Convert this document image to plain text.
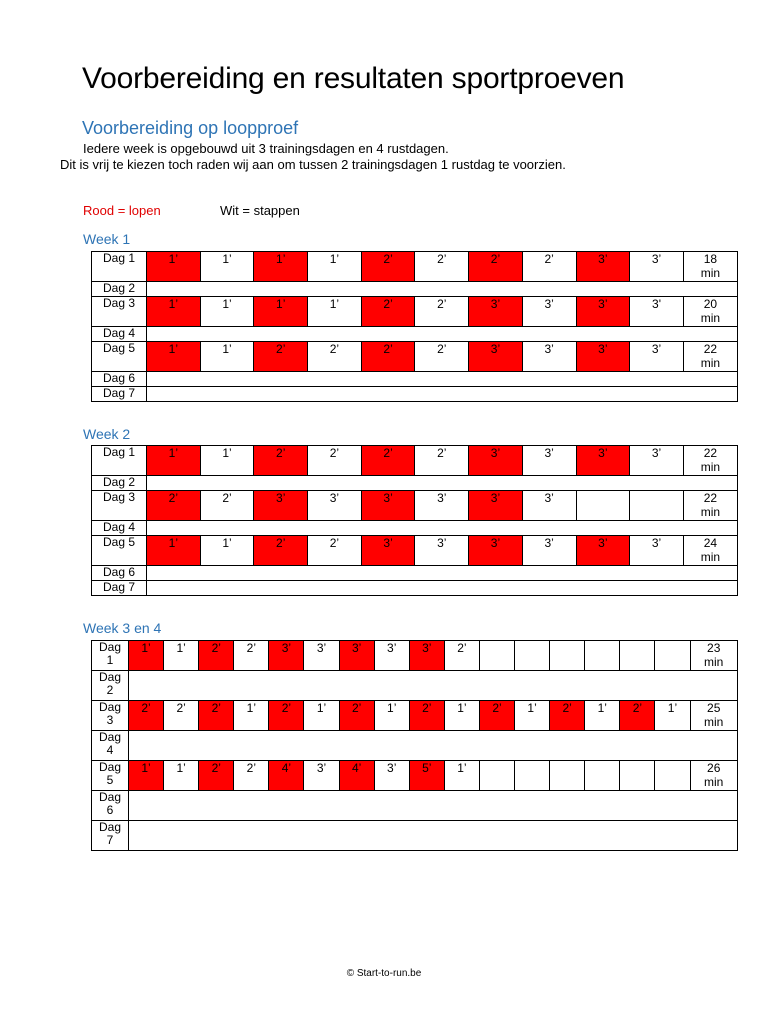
Voorbereiding en resultaten sportproeven
Voorbereiding op loopproef
Iedere week is opgebouwd uit 3 trainingsdagen en 4 rustdagen.
Dit is vrij te kiezen toch raden wij aan om tussen 2 trainingsdagen 1 rustdag te voorzien.
Rood = lopen	Wit = stappen
Week 1
Dag 1	1’	1’	1’	1’	2’	2’	2’	2’	3’	3’	18 min
Dag 2											
Dag 3	1’	1’	1’	1’	2’	2’	3’	3’	3’	3'	20 min
Dag 4											
Dag 5	1’	1’	2’	2’	2’	2’	3’	3’	3’	3’	22 min
Dag 6											
Dag 7											
Week 2
Dag 1	1’	1’	2’	2’	2’	2’	3’	3’	3’	3’	22 min
Dag 2											
Dag 3	2’	2’	3’	3’	3’	3’	3’	3’			22 min
Dag 4											
Dag 5	1’	1’	2’	2’	3’	3’	3’	3’	3’	3’	24 min
Dag 6											
Dag 7											
Week 3 en 4
Dag 1	1’	1’	2’	2’	3’	3’	3’	3’	3’	2’							23 min
Dag 2																	
Dag 3	2’	2’	2’	1’	2’	1’	2’	1’	2’	1’	2’	1’	2’	1’	2’	1’	25 min
Dag 4																	
Dag 5	1’	1’	2’	2’	4’	3’	4’	3’	5’	1’							26 min
Dag 6																	
Dag 7																	
© Start-to-run.be
